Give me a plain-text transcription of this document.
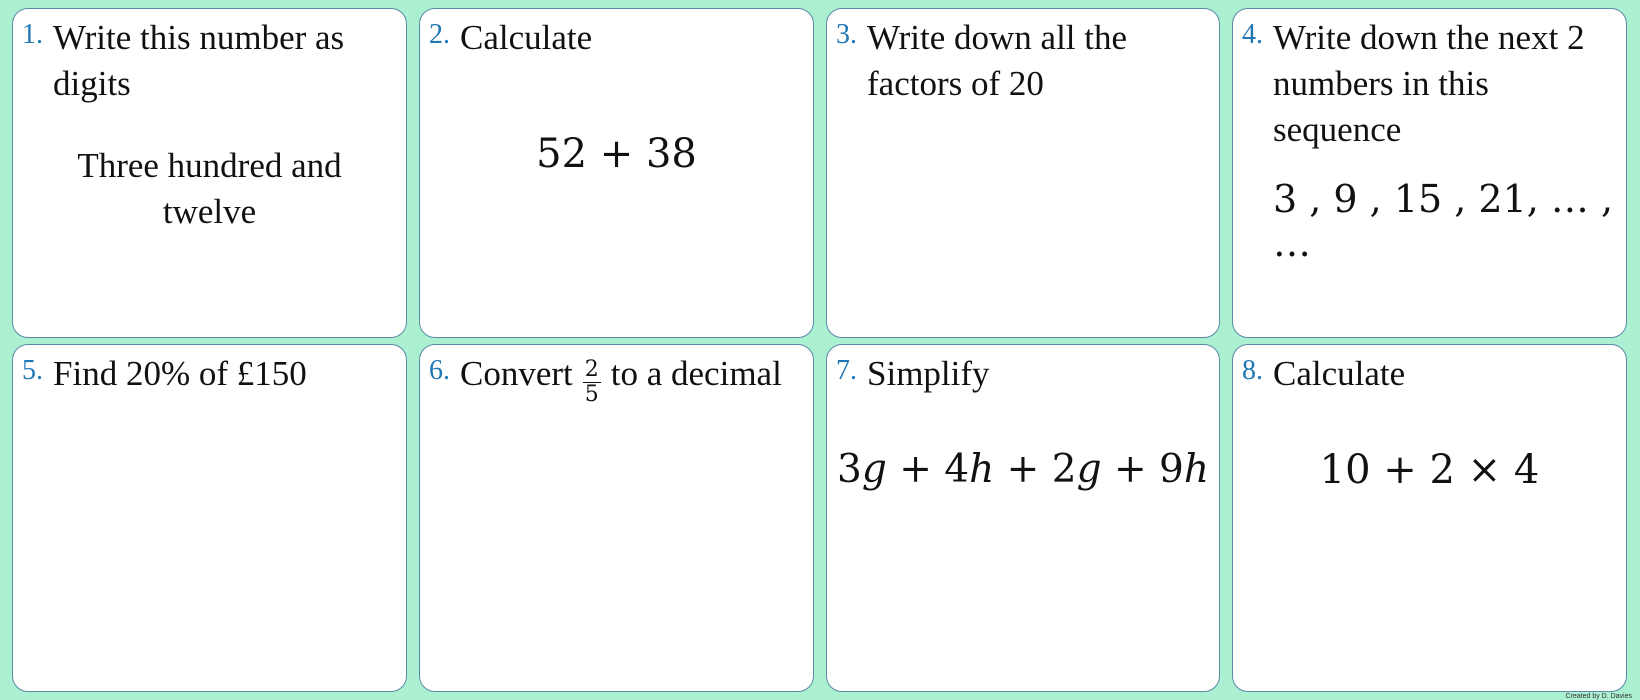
1. Write this number as digits
Three hundred and twelve
2. Calculate
52 + 38
3. Write down all the factors of 20
4. Write down the next 2 numbers in this sequence
3 , 9 , 15 , 21, … , …
5. Find 20% of £150	6. Convert $\frac{2}{5}$ to a decimal	7. Simplify
3g + 4h + 2g + 9h
8. Calculate
10 + 2 × 4
Created by D. Davies
